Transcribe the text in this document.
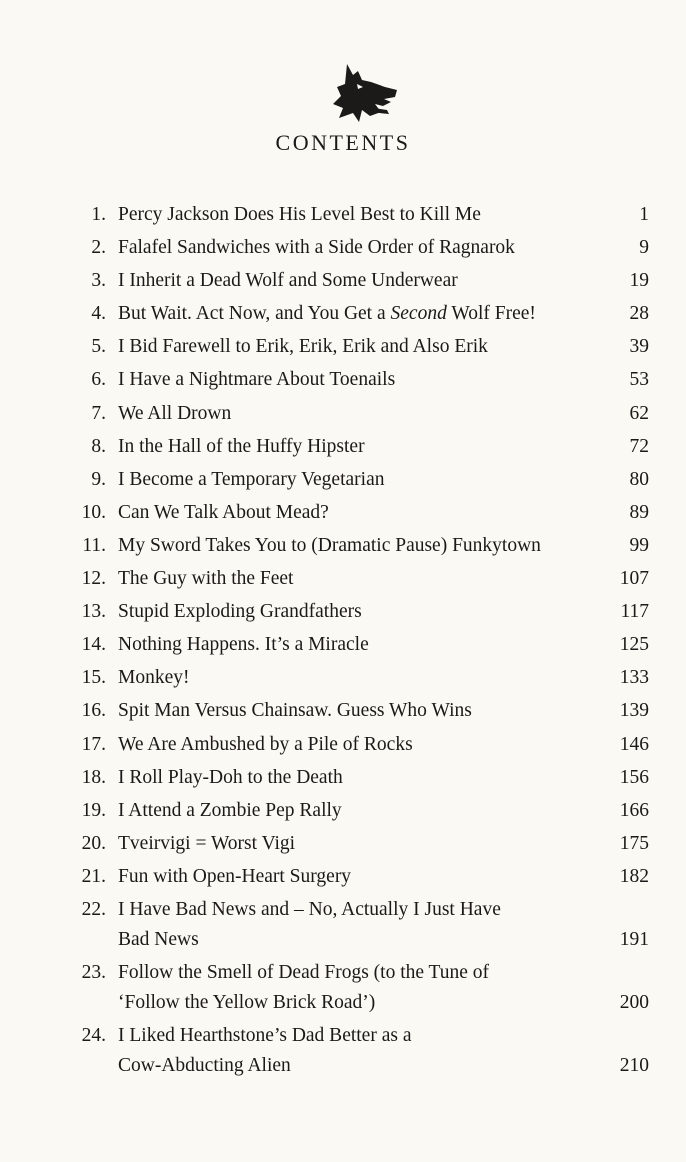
CONTENTS
1. Percy Jackson Does His Level Best to Kill Me	1
2. Falafel Sandwiches with a Side Order of Ragnarok	9
3. I Inherit a Dead Wolf and Some Underwear	19
4. But Wait. Act Now, and You Get a Second Wolf Free!	28
5. I Bid Farewell to Erik, Erik, Erik and Also Erik	39
6. I Have a Nightmare About Toenails	53
7. We All Drown	62
8. In the Hall of the Huffy Hipster	72
9. I Become a Temporary Vegetarian	80
10. Can We Talk About Mead?	89
11. My Sword Takes You to (Dramatic Pause) Funkytown	99
12. The Guy with the Feet	107
13. Stupid Exploding Grandfathers	117
14. Nothing Happens. It’s a Miracle	125
15. Monkey!	133
16. Spit Man Versus Chainsaw. Guess Who Wins	139
17. We Are Ambushed by a Pile of Rocks	146
18. I Roll Play-Doh to the Death	156
19. I Attend a Zombie Pep Rally	166
20. Tveirvigi = Worst Vigi	175
21. Fun with Open-Heart Surgery	182
22. I Have Bad News and – No, Actually I Just Have
Bad News	191
23. Follow the Smell of Dead Frogs (to the Tune of
‘Follow the Yellow Brick Road’)	200
24. I Liked Hearthstone’s Dad Better as a
Cow-Abducting Alien	210
